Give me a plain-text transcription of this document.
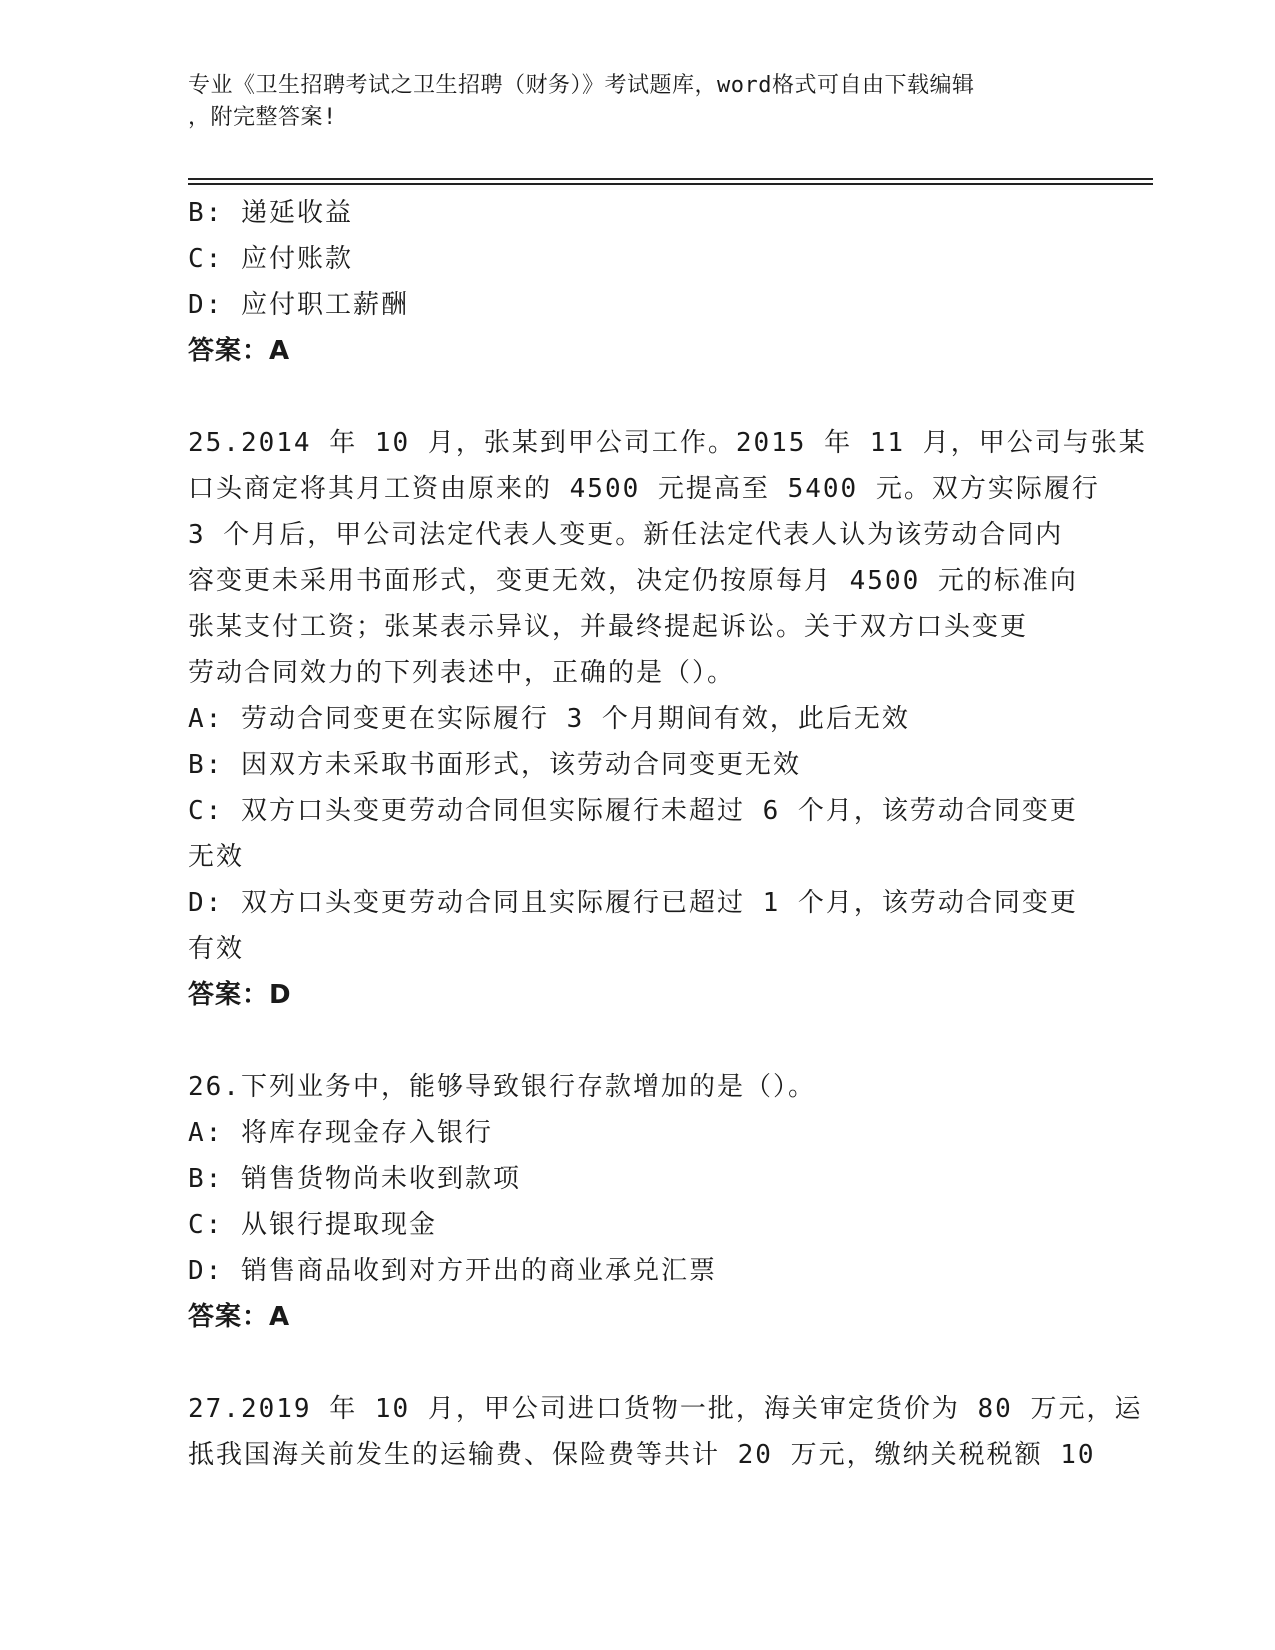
专业《卫生招聘考试之卫生招聘（财务）》考试题库，word格式可自由下载编辑
，附完整答案!
B: 递延收益
C: 应付账款
D: 应付职工薪酬
答案：A
25.2014 年 10 月，张某到甲公司工作。2015 年 11 月，甲公司与张某
口头商定将其月工资由原来的 4500 元提高至 5400 元。双方实际履行
3 个月后，甲公司法定代表人变更。新任法定代表人认为该劳动合同内
容变更未采用书面形式，变更无效，决定仍按原每月 4500 元的标准向
张某支付工资；张某表示异议，并最终提起诉讼。关于双方口头变更
劳动合同效力的下列表述中，正确的是（）。
A: 劳动合同变更在实际履行 3 个月期间有效，此后无效
B: 因双方未采取书面形式，该劳动合同变更无效
C: 双方口头变更劳动合同但实际履行未超过 6 个月，该劳动合同变更
无效
D: 双方口头变更劳动合同且实际履行已超过 1 个月，该劳动合同变更
有效
答案：D
26.下列业务中，能够导致银行存款增加的是（）。
A: 将库存现金存入银行
B: 销售货物尚未收到款项
C: 从银行提取现金
D: 销售商品收到对方开出的商业承兑汇票
答案：A
27.2019 年 10 月，甲公司进口货物一批，海关审定货价为 80 万元，运
抵我国海关前发生的运输费、保险费等共计 20 万元，缴纳关税税额 10
